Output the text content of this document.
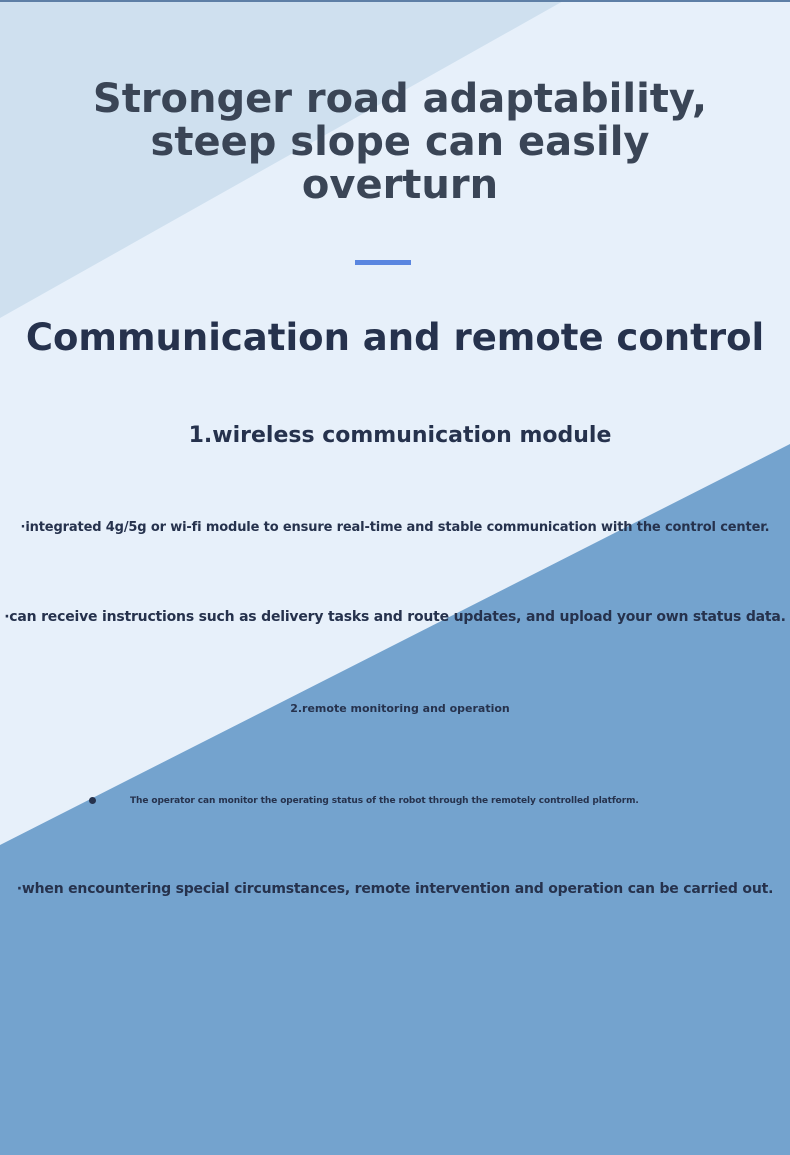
Stronger road adaptability,
steep slope can easily
overturn
Communication and remote control
1.wireless communication module

·integrated 4g/5g or wi-fi module to ensure real-time and stable communication with the control center.

·can receive instructions such as delivery tasks and route updates, and upload your own status data.

2.remote monitoring and operation
The operator can monitor the operating status of the robot through the remotely controlled platform.

·when encountering special circumstances, remote intervention and operation can be carried out.
